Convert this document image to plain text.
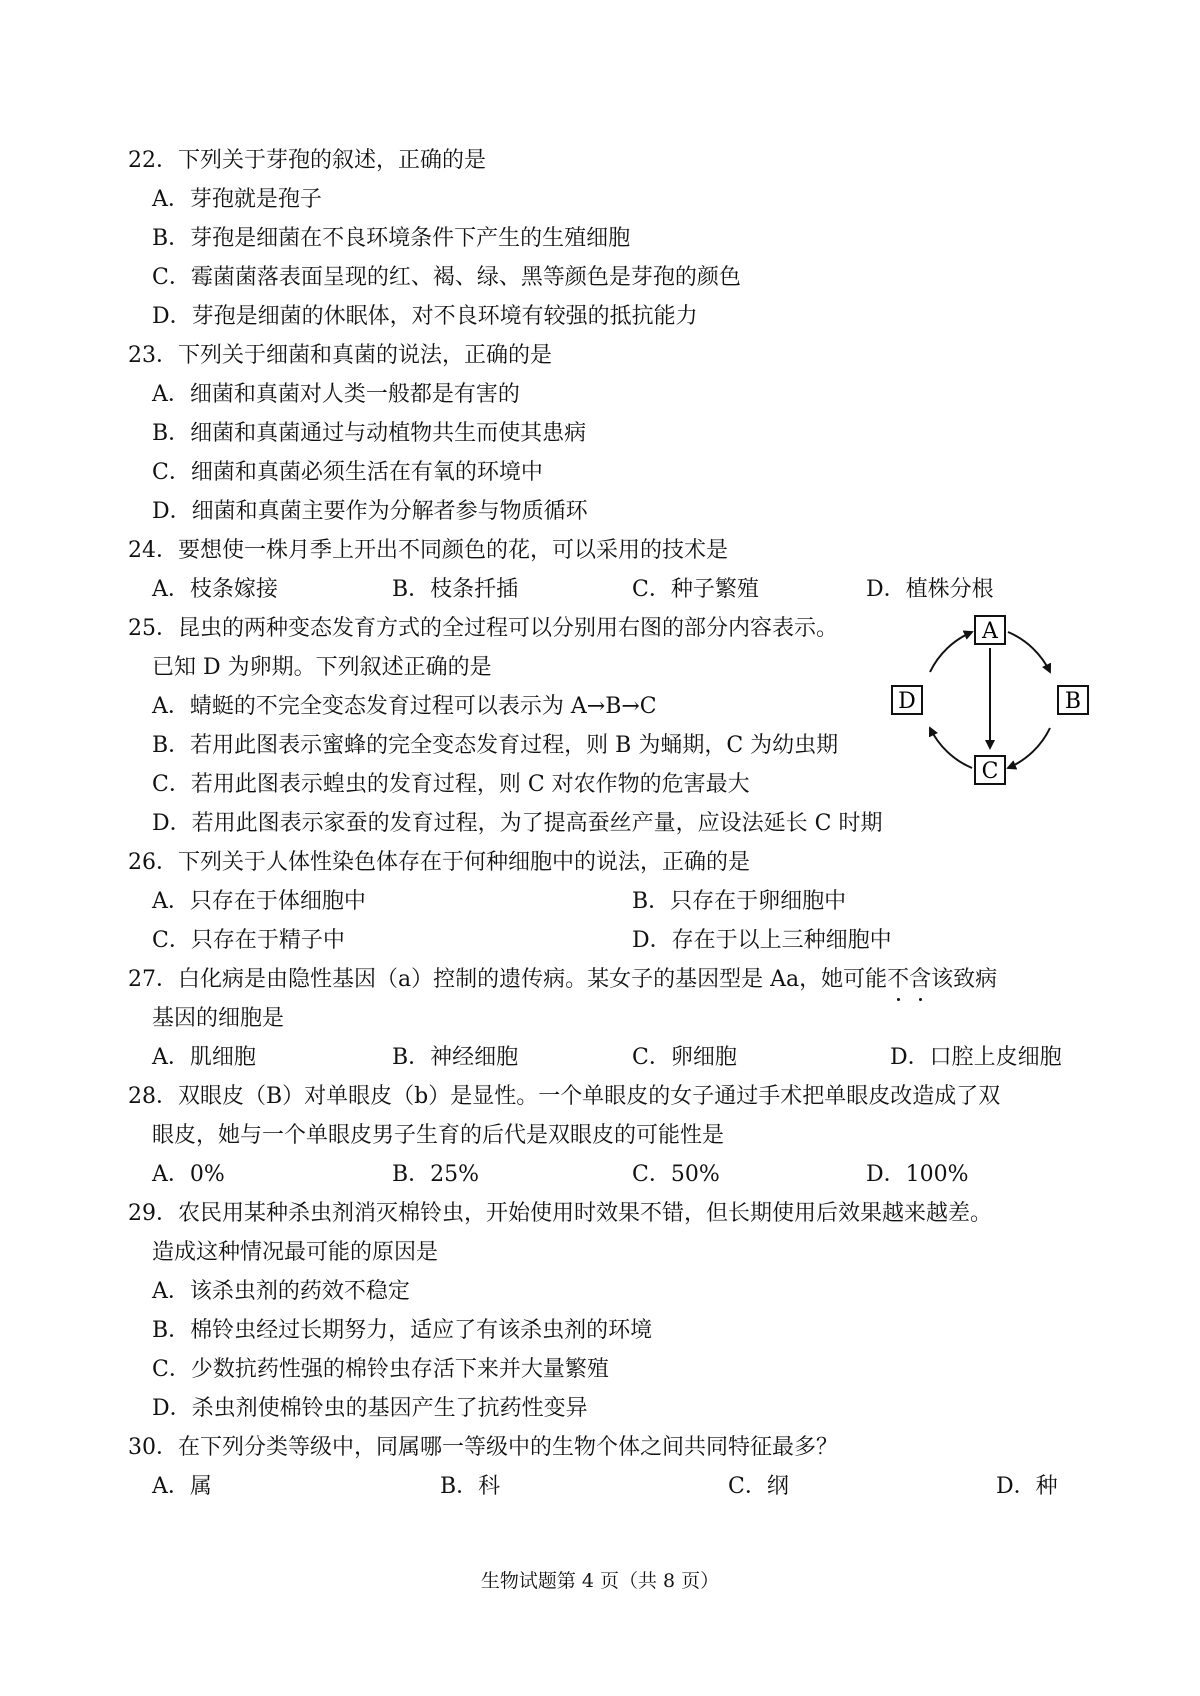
22．下列关于芽孢的叙述，正确的是
A．芽孢就是孢子
B．芽孢是细菌在不良环境条件下产生的生殖细胞
C．霉菌菌落表面呈现的红、褐、绿、黑等颜色是芽孢的颜色
D．芽孢是细菌的休眠体，对不良环境有较强的抵抗能力
23．下列关于细菌和真菌的说法，正确的是
A．细菌和真菌对人类一般都是有害的
B．细菌和真菌通过与动植物共生而使其患病
C．细菌和真菌必须生活在有氧的环境中
D．细菌和真菌主要作为分解者参与物质循环
24．要想使一株月季上开出不同颜色的花，可以采用的技术是
A．枝条嫁接	B．枝条扦插	C．种子繁殖	D．植株分根
25．昆虫的两种变态发育方式的全过程可以分别用右图的部分内容表示。
已知 D 为卵期。下列叙述正确的是
A．蜻蜓的不完全变态发育过程可以表示为 A→B→C
B．若用此图表示蜜蜂的完全变态发育过程，则 B 为蛹期，C 为幼虫期
C．若用此图表示蝗虫的发育过程，则 C 对农作物的危害最大
D．若用此图表示家蚕的发育过程，为了提高蚕丝产量，应设法延长 C 时期
A
B
C
D
26．下列关于人体性染色体存在于何种细胞中的说法，正确的是
A．只存在于体细胞中	B．只存在于卵细胞中
C．只存在于精子中	D．存在于以上三种细胞中
27．白化病是由隐性基因（a）控制的遗传病。某女子的基因型是 Aa，她可能不含该致病
基因的细胞是
A．肌细胞	B．神经细胞	C．卵细胞	D．口腔上皮细胞
28．双眼皮（B）对单眼皮（b）是显性。一个单眼皮的女子通过手术把单眼皮改造成了双
眼皮，她与一个单眼皮男子生育的后代是双眼皮的可能性是
A．0%	B．25%	C．50%	D．100%
29．农民用某种杀虫剂消灭棉铃虫，开始使用时效果不错，但长期使用后效果越来越差。
造成这种情况最可能的原因是
A．该杀虫剂的药效不稳定
B．棉铃虫经过长期努力，适应了有该杀虫剂的环境
C．少数抗药性强的棉铃虫存活下来并大量繁殖
D．杀虫剂使棉铃虫的基因产生了抗药性变异
30．在下列分类等级中，同属哪一等级中的生物个体之间共同特征最多？
A．属	B．科	C．纲	D．种
生物试题第 4 页（共 8 页）
